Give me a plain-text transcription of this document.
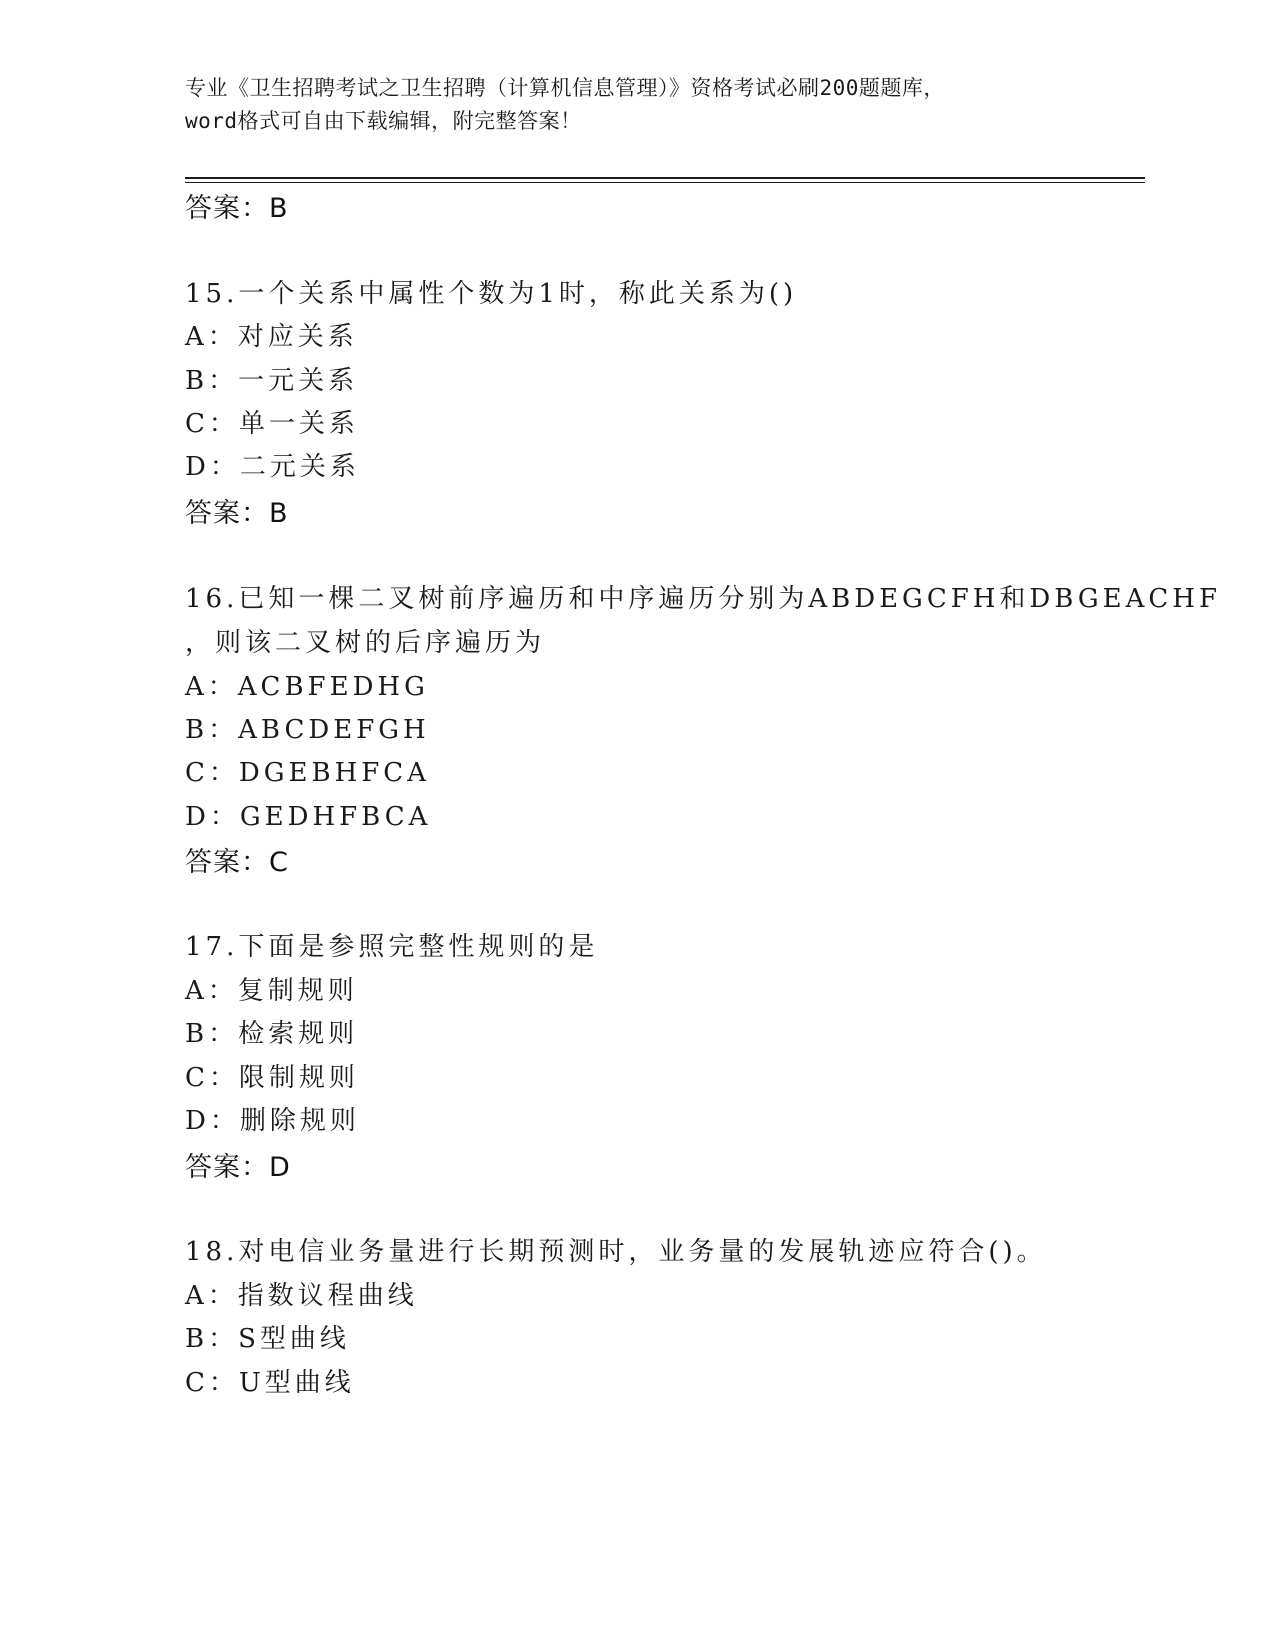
专业《卫生招聘考试之卫生招聘（计算机信息管理）》资格考试必刷200题题库，
word格式可自由下载编辑，附完整答案！
答案：B
15.一个关系中属性个数为1时，称此关系为()
A：对应关系
B：一元关系
C：单一关系
D：二元关系
答案：B
16.已知一棵二叉树前序遍历和中序遍历分别为ABDEGCFH和DBGEACHF
，则该二叉树的后序遍历为
A：ACBFEDHG
B：ABCDEFGH
C：DGEBHFCA
D：GEDHFBCA
答案：C
17.下面是参照完整性规则的是
A：复制规则
B：检索规则
C：限制规则
D：删除规则
答案：D
18.对电信业务量进行长期预测时，业务量的发展轨迹应符合()。
A：指数议程曲线
B：S型曲线
C：U型曲线
